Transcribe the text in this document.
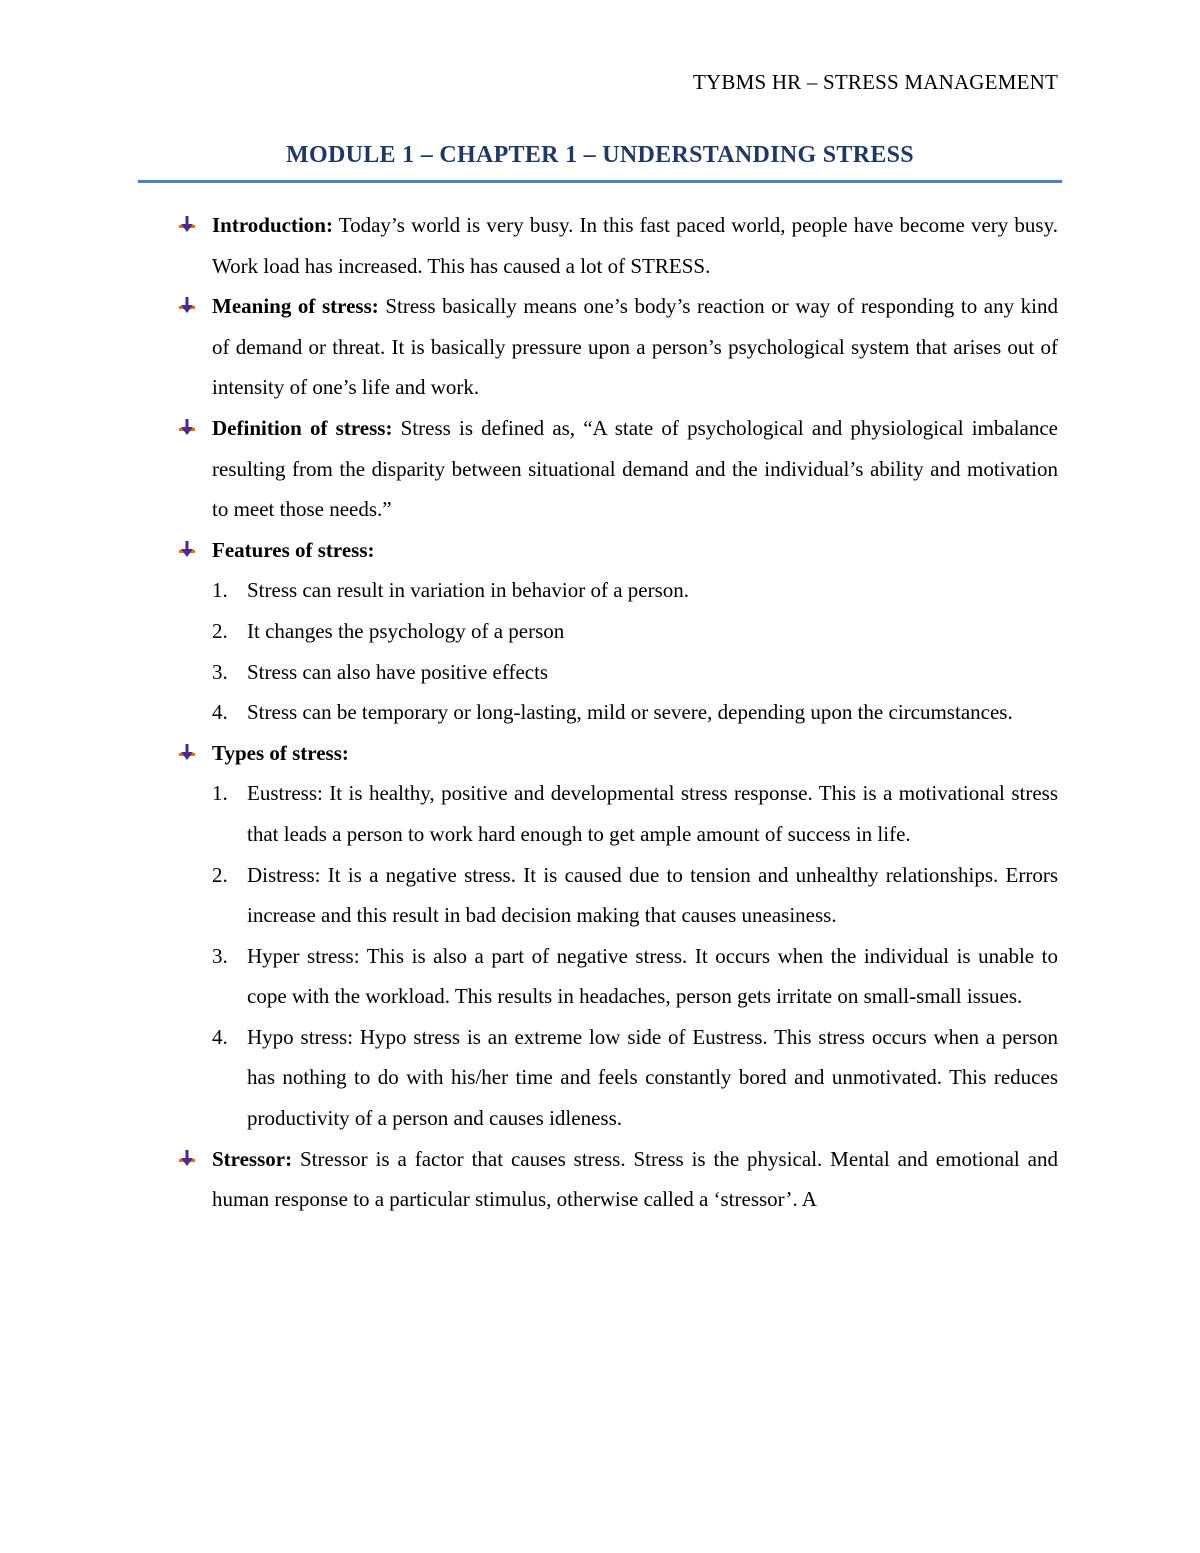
TYBMS HR – STRESS MANAGEMENT
MODULE 1 – CHAPTER 1 – UNDERSTANDING STRESS
Introduction: Today’s world is very busy. In this fast paced world, people have become very busy. Work load has increased. This has caused a lot of STRESS.
Meaning of stress: Stress basically means one’s body’s reaction or way of responding to any kind of demand or threat. It is basically pressure upon a person’s psychological system that arises out of intensity of one’s life and work.
Definition of stress: Stress is defined as, “A state of psychological and physiological imbalance resulting from the disparity between situational demand and the individual’s ability and motivation to meet those needs.”
Features of stress:
1. Stress can result in variation in behavior of a person.
2. It changes the psychology of a person
3. Stress can also have positive effects
4. Stress can be temporary or long-lasting, mild or severe, depending upon the circumstances.
Types of stress:
1. Eustress: It is healthy, positive and developmental stress response. This is a motivational stress that leads a person to work hard enough to get ample amount of success in life.
2. Distress: It is a negative stress. It is caused due to tension and unhealthy relationships. Errors increase and this result in bad decision making that causes uneasiness.
3. Hyper stress: This is also a part of negative stress. It occurs when the individual is unable to cope with the workload. This results in headaches, person gets irritate on small-small issues.
4. Hypo stress: Hypo stress is an extreme low side of Eustress. This stress occurs when a person has nothing to do with his/her time and feels constantly bored and unmotivated. This reduces productivity of a person and causes idleness.
Stressor: Stressor is a factor that causes stress. Stress is the physical. Mental and emotional and human response to a particular stimulus, otherwise called a ‘stressor’. A
